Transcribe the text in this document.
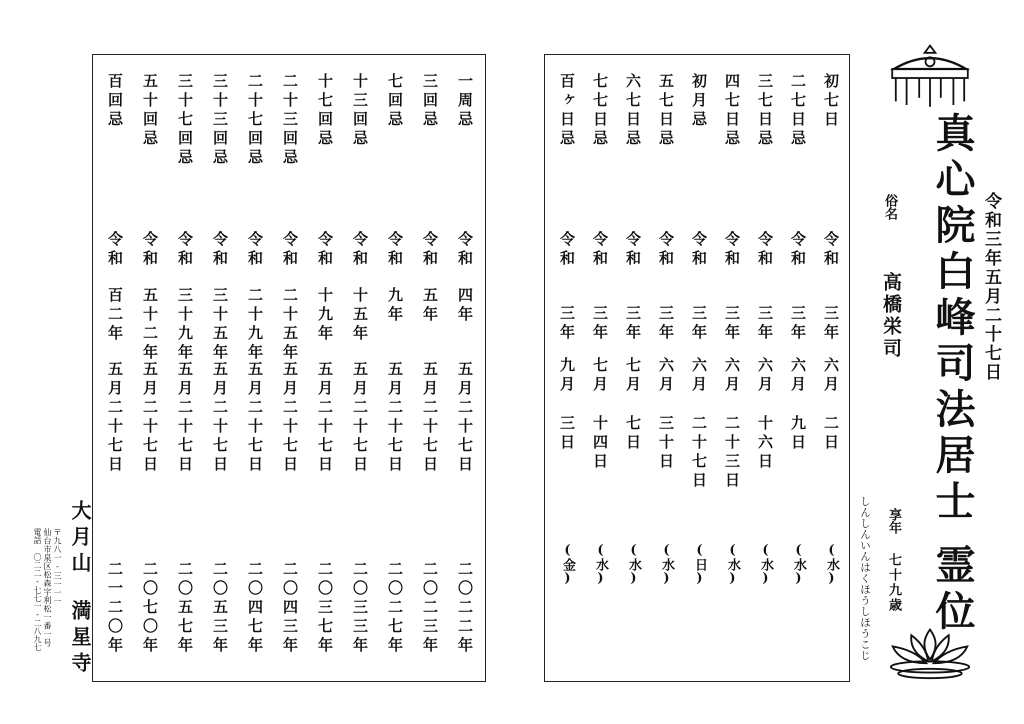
初七日
令和
三年
六月
二日
(水)
二七日忌
令和
三年
六月
九日
(水)
三七日忌
令和
三年
六月
十六日
(水)
四七日忌
令和
三年
六月
二十三日
(水)
初月忌
令和
三年
六月
二十七日
(日)
五七日忌
令和
三年
六月
三十日
(水)
六七日忌
令和
三年
七月
七日
(水)
七七日忌
令和
三年
七月
十四日
(水)
百ヶ日忌
令和
三年
九月
三日
(金)
一周忌
令和
四年
五月二十七日
二〇二二年
三回忌
令和
五年
五月二十七日
二〇二三年
七回忌
令和
九年
五月二十七日
二〇二七年
十三回忌
令和
十五年
五月二十七日
二〇三三年
十七回忌
令和
十九年
五月二十七日
二〇三七年
二十三回忌
令和
二十五年
五月二十七日
二〇四三年
二十七回忌
令和
二十九年
五月二十七日
二〇四七年
三十三回忌
令和
三十五年
五月二十七日
二〇五三年
三十七回忌
令和
三十九年
五月二十七日
二〇五七年
五十回忌
令和
五十二年
五月二十七日
二〇七〇年
百回忌
令和
百二年
五月二十七日
二一二〇年
真心院白峰司法居士霊位
令和三年五月二十七日
俗名
高橋栄司
享年
七十九歳
しんしんいんはくほうしほうこじ
大月山
満星寺
〒九八一-三一一一
仙台市泉区松森字利松一番一号
電話 〇二二-七七一-二八九七
